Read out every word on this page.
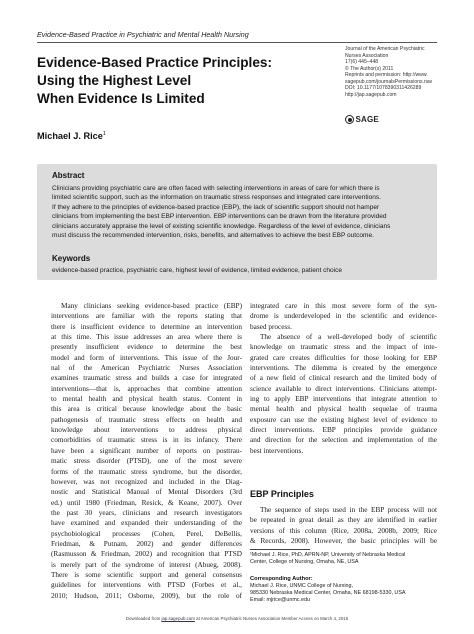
Evidence-Based Practice in Psychiatric and Mental Health Nursing
Evidence-Based Practice Principles:
Using the Highest Level
When Evidence Is Limited
Journal of the American Psychiatric
Nurses Association
17(6) 445–448
© The Author(s) 2011
Reprints and permission: http://www.
sagepub.com/journalsPermissions.nav
DOI: 10.1177/1078390311426289
http://jap.sagepub.com
SAGE
Michael J. Rice$^1$
Abstract
Clinicians providing psychiatric care are often faced with selecting interventions in areas of care for which there is
limited scientific support, such as the information on traumatic stress responses and integrated care interventions.
If they adhere to the principles of evidence-based practice (EBP), the lack of scientific support should not hamper
clinicians from implementing the best EBP intervention. EBP interventions can be drawn from the literature provided
clinicians accurately appraise the level of existing scientific knowledge. Regardless of the level of evidence, clinicians
must discuss the recommended intervention, risks, benefits, and alternatives to achieve the best EBP outcome.
Keywords
evidence-based practice, psychiatric care, highest level of evidence, limited evidence, patient choice
Many clinicians seeking evidence-based practice (EBP)
interventions are familiar with the reports stating that
there is insufficient evidence to determine an intervention
at this time. This issue addresses an area where there is
presently insufficient evidence to determine the best
model and form of interventions. This issue of the Jour-
nal of the American Psychiatric Nurses Association
examines traumatic stress and builds a case for integrated
interventions—that is, approaches that combine attention
to mental health and physical health status. Content in
this area is critical because knowledge about the basic
pathogenesis of traumatic stress effects on health and
knowledge about interventions to address physical
comorbidities of traumatic stress is in its infancy. There
have been a significant number of reports on posttrau-
matic stress disorder (PTSD), one of the most severe
forms of the traumatic stress syndrome, but the disorder,
however, was not recognized and included in the Diag-
nostic and Statistical Manual of Mental Disorders (3rd
ed.) until 1980 (Friedman, Resick, & Keane, 2007). Over
the past 30 years, clinicians and research investigators
have examined and expanded their understanding of the
psychobiological processes (Cohen, Perel, DeBellis,
Friedman, & Putnam, 2002) and gender differences
(Rasmusson & Friedman, 2002) and recognition that PTSD
is merely part of the syndrome of interest (Abueg, 2008).
There is some scientific support and general consensus
guidelines for interventions with PTSD (Forbes et al.,
2010; Hudson, 2011; Osborne, 2009), but the role of
integrated care in this most severe form of the syn-
drome is underdeveloped in the scientific and evidence-
based process.
The absence of a well-developed body of scientific
knowledge on traumatic stress and the impact of inte-
grated care creates difficulties for those looking for EBP
interventions. The dilemma is created by the emergence
of a new field of clinical research and the limited body of
science available to direct interventions. Clinicians attempt-
ing to apply EBP interventions that integrate attention to
mental health and physical health sequelae of trauma
exposure can use the existing highest level of evidence to
direct interventions. EBP principles provide guidance
and direction for the selection and implementation of the
best interventions.
EBP Principles
The sequence of steps used in the EBP process will not
be repeated in great detail as they are identified in earlier
versions of this column (Rice, 2008a, 2008b, 2009; Rice
& Records, 2008). However, the basic principles will be
¹Michael J. Rice, PhD, APRN-NP, University of Nebraska Medical
Center, College of Nursing, Omaha, NE, USA
Corresponding Author:
Michael J. Rice, UNMC College of Nursing,
985330 Nebraska Medical Center, Omaha, NE 68198-5330, USA
Email: mjrice@unmc.edu
Downloaded from jap.sagepub.com at American Psychiatric Nurses Association Member Access on March 4, 2016
